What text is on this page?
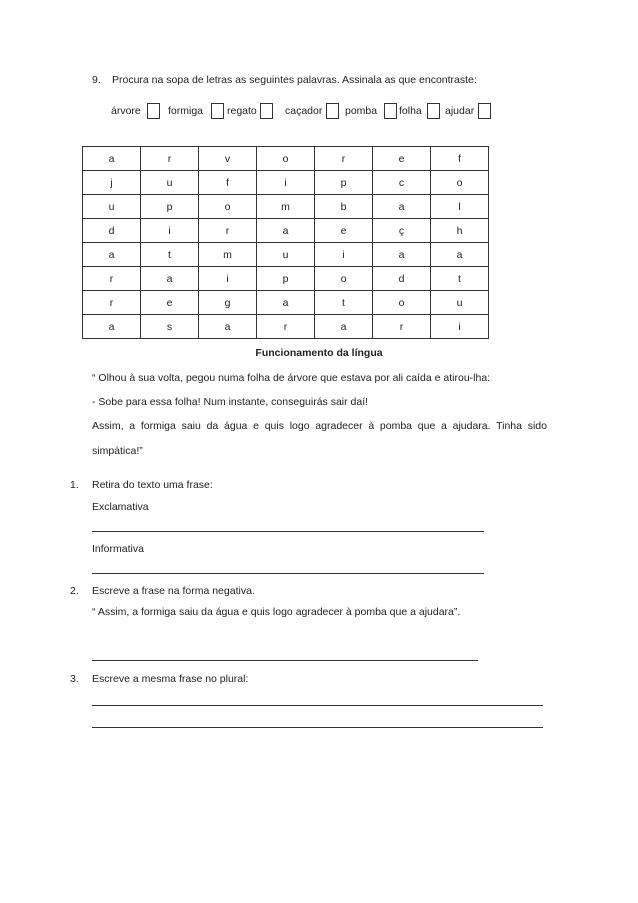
9. Procura na sopa de letras as seguintes palavras. Assinala as que encontraste:
árvore	formiga regato	caçador pomba folha ajudar
a	r	v	o	r	e	f
j	u	f	i	p	c	o
u	p	o	m	b	a	l
d	i	r	a	e	ç	h
a	t	m	u	i	a	a
r	a	i	p	o	d	t
r	e	g	a	t	o	u
a	s	a	r	a	r	i
Funcionamento da língua
“ Olhou à sua volta, pegou numa folha de árvore que estava por ali caída e atirou-lha:
- Sobe para essa folha! Num instante, conseguirás sair daí!
Assim, a formiga saiu da água e quis logo agradecer à pomba que a ajudara. Tinha sido
simpática!”
1. Retira do texto uma frase:
Exclamativa
Informativa
2. Escreve a frase na forma negativa.
“ Assim, a formiga saiu da água e quis logo agradecer à pomba que a ajudara”.
3. Escreve a mesma frase no plural:
